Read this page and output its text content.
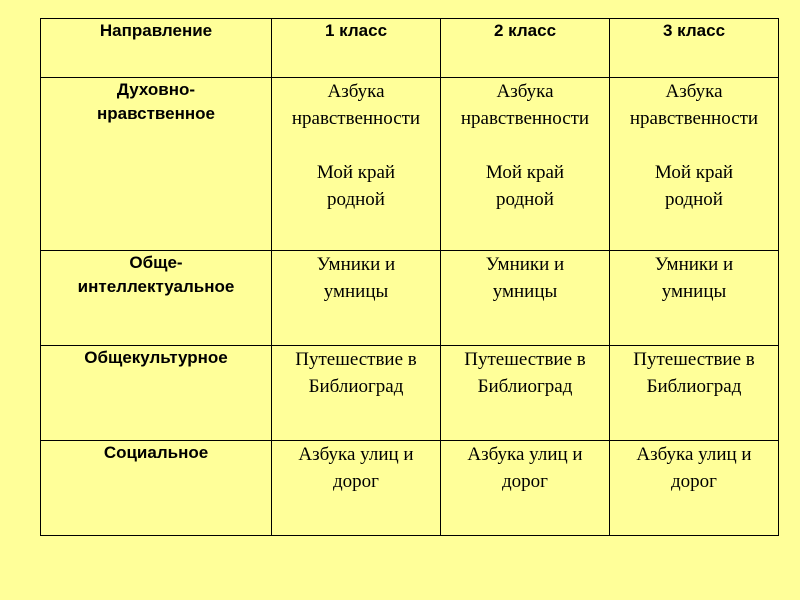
Направление	1 класс	2 класс	3 класс

Духовно-
нравственное	Азбука
нравственности
Мой край
родной	Азбука
нравственности
Мой край
родной	Азбука
нравственности
Мой край
родной

Обще-
интеллектуальное	Умники и
умницы	Умники и
умницы	Умники и
умницы

Общекультурное	Путешествие в
Библиоград	Путешествие в
Библиоград	Путешествие в
Библиоград

Социальное	Азбука улиц и
дорог	Азбука улиц и
дорог	Азбука улиц и
дорог
